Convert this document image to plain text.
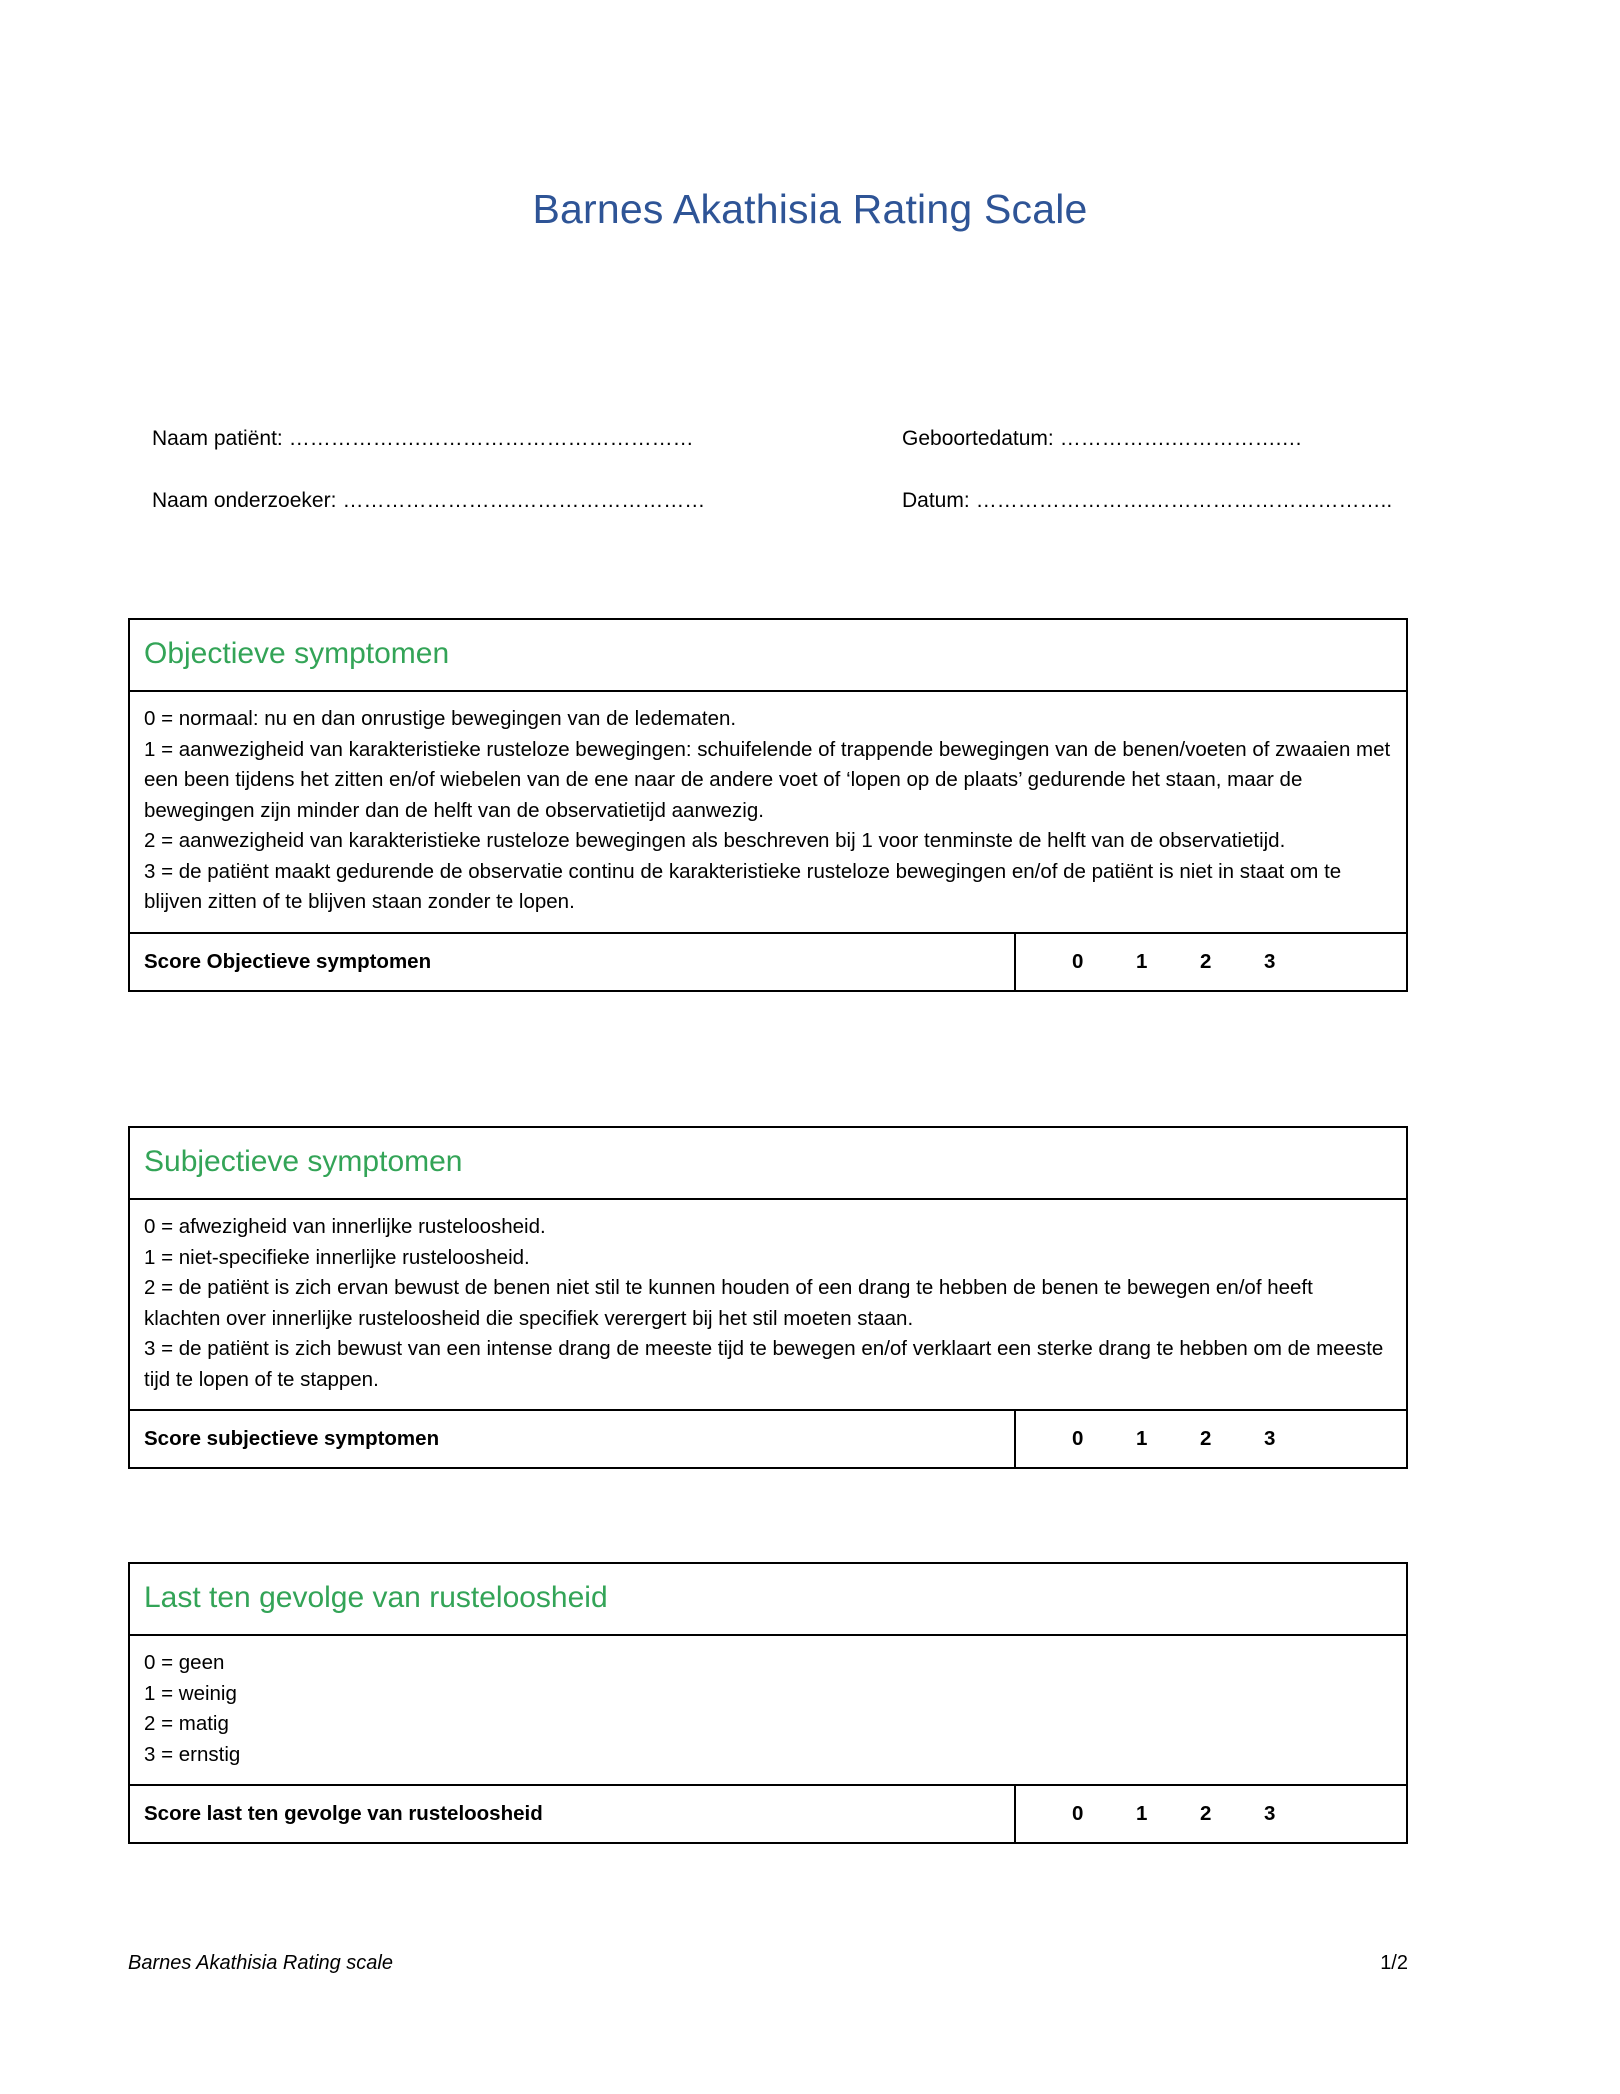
Barnes Akathisia Rating Scale
Naam patiënt: ……………….…………………………………	Geboortedatum: …………….…………….…
Naam onderzoeker: …………………….………………………	Datum: …………………….……………………………..
Objectieve symptomen

0 = normaal: nu en dan onrustige bewegingen van de ledematen.

1 = aanwezigheid van karakteristieke rusteloze bewegingen: schuifelende of trappende bewegingen van de benen/voeten of zwaaien met een been tijdens het zitten en/of wiebelen van de ene naar de andere voet of ‘lopen op de plaats’ gedurende het staan, maar de bewegingen zijn minder dan de helft van de observatietijd aanwezig.

2 = aanwezigheid van karakteristieke rusteloze bewegingen als beschreven bij 1 voor tenminste de helft van de observatietijd.

3 = de patiënt maakt gedurende de observatie continu de karakteristieke rusteloze bewegingen en/of de patiënt is niet in staat om te blijven zitten of te blijven staan zonder te lopen.

Score Objectieve symptomen	0	1	2	3
Subjectieve symptomen

0 = afwezigheid van innerlijke rusteloosheid.

1 = niet-specifieke innerlijke rusteloosheid.

2 = de patiënt is zich ervan bewust de benen niet stil te kunnen houden of een drang te hebben de benen te bewegen en/of heeft klachten over innerlijke rusteloosheid die specifiek verergert bij het stil moeten staan.

3 = de patiënt is zich bewust van een intense drang de meeste tijd te bewegen en/of verklaart een sterke drang te hebben om de meeste tijd te lopen of te stappen.

Score subjectieve symptomen	0	1	2	3
Last ten gevolge van rusteloosheid

0 = geen

1 = weinig

2 = matig

3 = ernstig

Score last ten gevolge van rusteloosheid	0	1	2	3
Barnes Akathisia Rating scale	1/2
